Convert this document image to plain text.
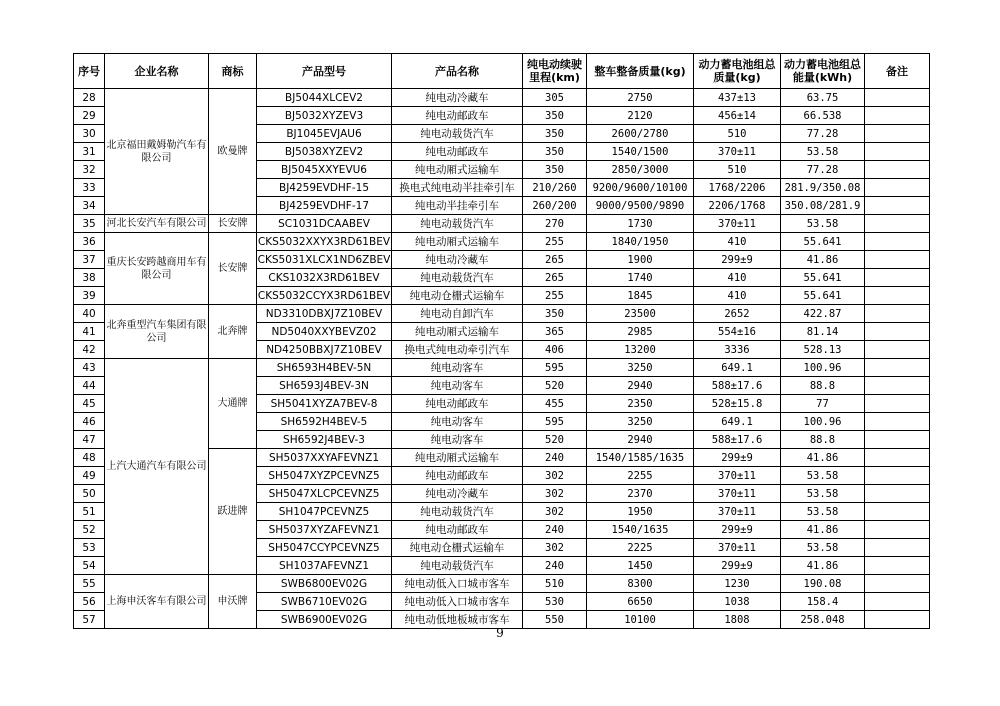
序号	企业名称	商标	产品型号	产品名称	纯电动续驶里程(km)	整车整备质量(kg)	动力蓄电池组总质量(kg)	动力蓄电池组总能量(kWh)	备注
28	北京福田戴姆勒汽车有限公司	欧曼牌	BJ5044XLCEV2	纯电动冷藏车	305	2750	437±13	63.75	
29			BJ5032XYZEV3	纯电动邮政车	350	2120	456±14	66.538	
30			BJ1045EVJAU6	纯电动载货汽车	350	2600/2780	510	77.28	
31			BJ5038XYZEV2	纯电动邮政车	350	1540/1500	370±11	53.58	
32			BJ5045XXYEVU6	纯电动厢式运输车	350	2850/3000	510	77.28	
33			BJ4259EVDHF-15	换电式纯电动半挂牵引车	210/260	9200/9600/10100	1768/2206	281.9/350.08	
34			BJ4259EVDHF-17	纯电动半挂牵引车	260/200	9000/9500/9890	2206/1768	350.08/281.9	
35	河北长安汽车有限公司	长安牌	SC1031DCAABEV	纯电动载货汽车	270	1730	370±11	53.58	
36	重庆长安跨越商用车有限公司	长安牌	CKS5032XXYX3RD61BEV	纯电动厢式运输车	255	1840/1950	410	55.641	
37			CKS5031XLCX1ND6ZBEV	纯电动冷藏车	265	1900	299±9	41.86	
38			CKS1032X3RD61BEV	纯电动载货汽车	265	1740	410	55.641	
39			CKS5032CCYX3RD61BEV	纯电动仓栅式运输车	255	1845	410	55.641	
40	北奔重型汽车集团有限公司	北奔牌	ND3310DBXJ7Z10BEV	纯电动自卸汽车	350	23500	2652	422.87	
41			ND5040XXYBEVZ02	纯电动厢式运输车	365	2985	554±16	81.14	
42			ND4250BBXJ7Z10BEV	换电式纯电动牵引汽车	406	13200	3336	528.13	
43	上汽大通汽车有限公司	大通牌	SH6593H4BEV-5N	纯电动客车	595	3250	649.1	100.96	
44			SH6593J4BEV-3N	纯电动客车	520	2940	588±17.6	88.8	
45			SH5041XYZA7BEV-8	纯电动邮政车	455	2350	528±15.8	77	
46			SH6592H4BEV-5	纯电动客车	595	3250	649.1	100.96	
47			SH6592J4BEV-3	纯电动客车	520	2940	588±17.6	88.8	
48		跃进牌	SH5037XXYAFEVNZ1	纯电动厢式运输车	240	1540/1585/1635	299±9	41.86	
49			SH5047XYZPCEVNZ5	纯电动邮政车	302	2255	370±11	53.58	
50			SH5047XLCPCEVNZ5	纯电动冷藏车	302	2370	370±11	53.58	
51			SH1047PCEVNZ5	纯电动载货汽车	302	1950	370±11	53.58	
52			SH5037XYZAFEVNZ1	纯电动邮政车	240	1540/1635	299±9	41.86	
53			SH5047CCYPCEVNZ5	纯电动仓栅式运输车	302	2225	370±11	53.58	
54			SH1037AFEVNZ1	纯电动载货汽车	240	1450	299±9	41.86	
55	上海申沃客车有限公司	申沃牌	SWB6800EV02G	纯电动低入口城市客车	510	8300	1230	190.08	
56			SWB6710EV02G	纯电动低入口城市客车	530	6650	1038	158.4	
57			SWB6900EV02G	纯电动低地板城市客车	550	10100	1808	258.048	
9
